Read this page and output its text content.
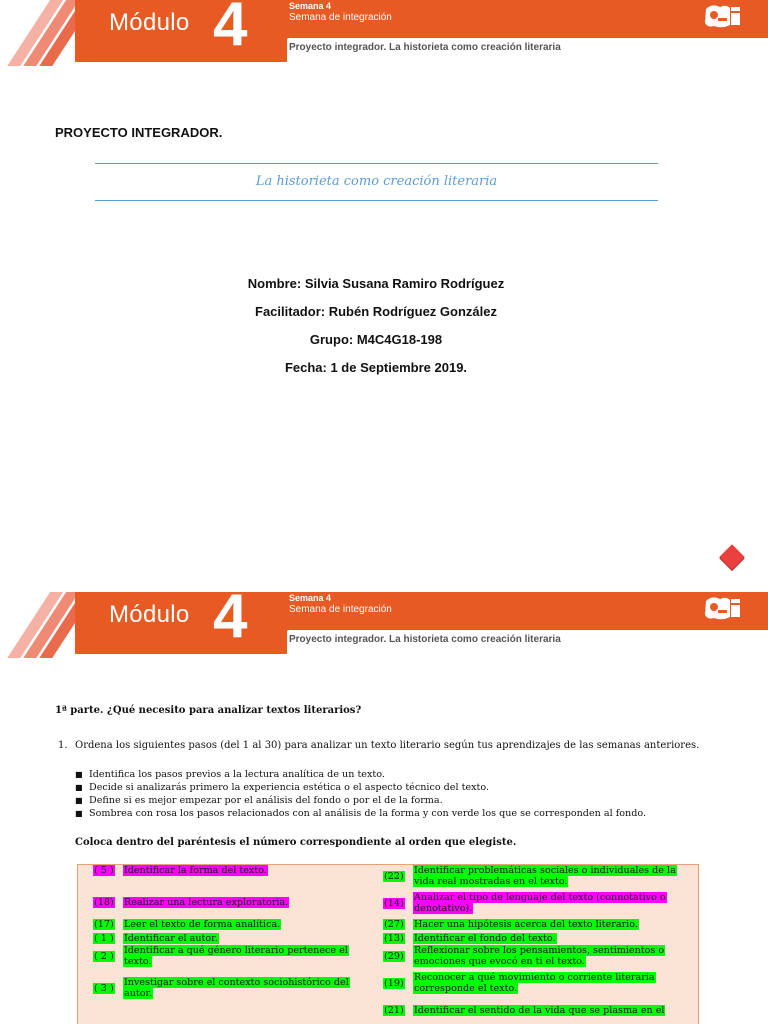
Módulo 4	Semana 4
Semana de integración
Proyecto integrador. La historieta como creación literaria
PROYECTO INTEGRADOR.
La historieta como creación literaria
Nombre: Silvia Susana Ramiro Rodríguez
Facilitador: Rubén Rodríguez González
Grupo: M4C4G18-198
Fecha: 1 de Septiembre 2019.
Módulo 4	Semana 4
Semana de integración
Proyecto integrador. La historieta como creación literaria
1ª parte. ¿Qué necesito para analizar textos literarios?
1. Ordena los siguientes pasos (del 1 al 30) para analizar un texto literario según tus aprendizajes de las semanas anteriores.
■ Identifica los pasos previos a la lectura analítica de un texto.
■ Decide si analizarás primero la experiencia estética o el aspecto técnico del texto.
■ Define si es mejor empezar por el análisis del fondo o por el de la forma.
■ Sombrea con rosa los pasos relacionados con al análisis de la forma y con verde los que se corresponden al fondo.
Coloca dentro del paréntesis el número correspondiente al orden que elegiste.
( 5 )	Identificar la forma del texto.
(18)	Realizar una lectura exploratoria.
(17)	Leer el texto de forma analítica.
( 1 )	Identificar el autor.
( 2 )	Identificar a qué género literario pertenece el
texto.
( 3 )	Investigar sobre el contexto sociohistórico del
autor.
(22)	Identificar problemáticas sociales o individuales de la
vida real mostradas en el texto.
(14)	Analizar el tipo de lenguaje del texto (connotativo o
denotativo).
(27)	Hacer una hipótesis acerca del texto literario.
(13)	Identificar el fondo del texto.
(29)	Reflexionar sobre los pensamientos, sentimientos o
emociones que evocó en ti el texto.
(19)	Reconocer a qué movimiento o corriente literaria
corresponde el texto.
(21)	Identificar el sentido de la vida que se plasma en el
